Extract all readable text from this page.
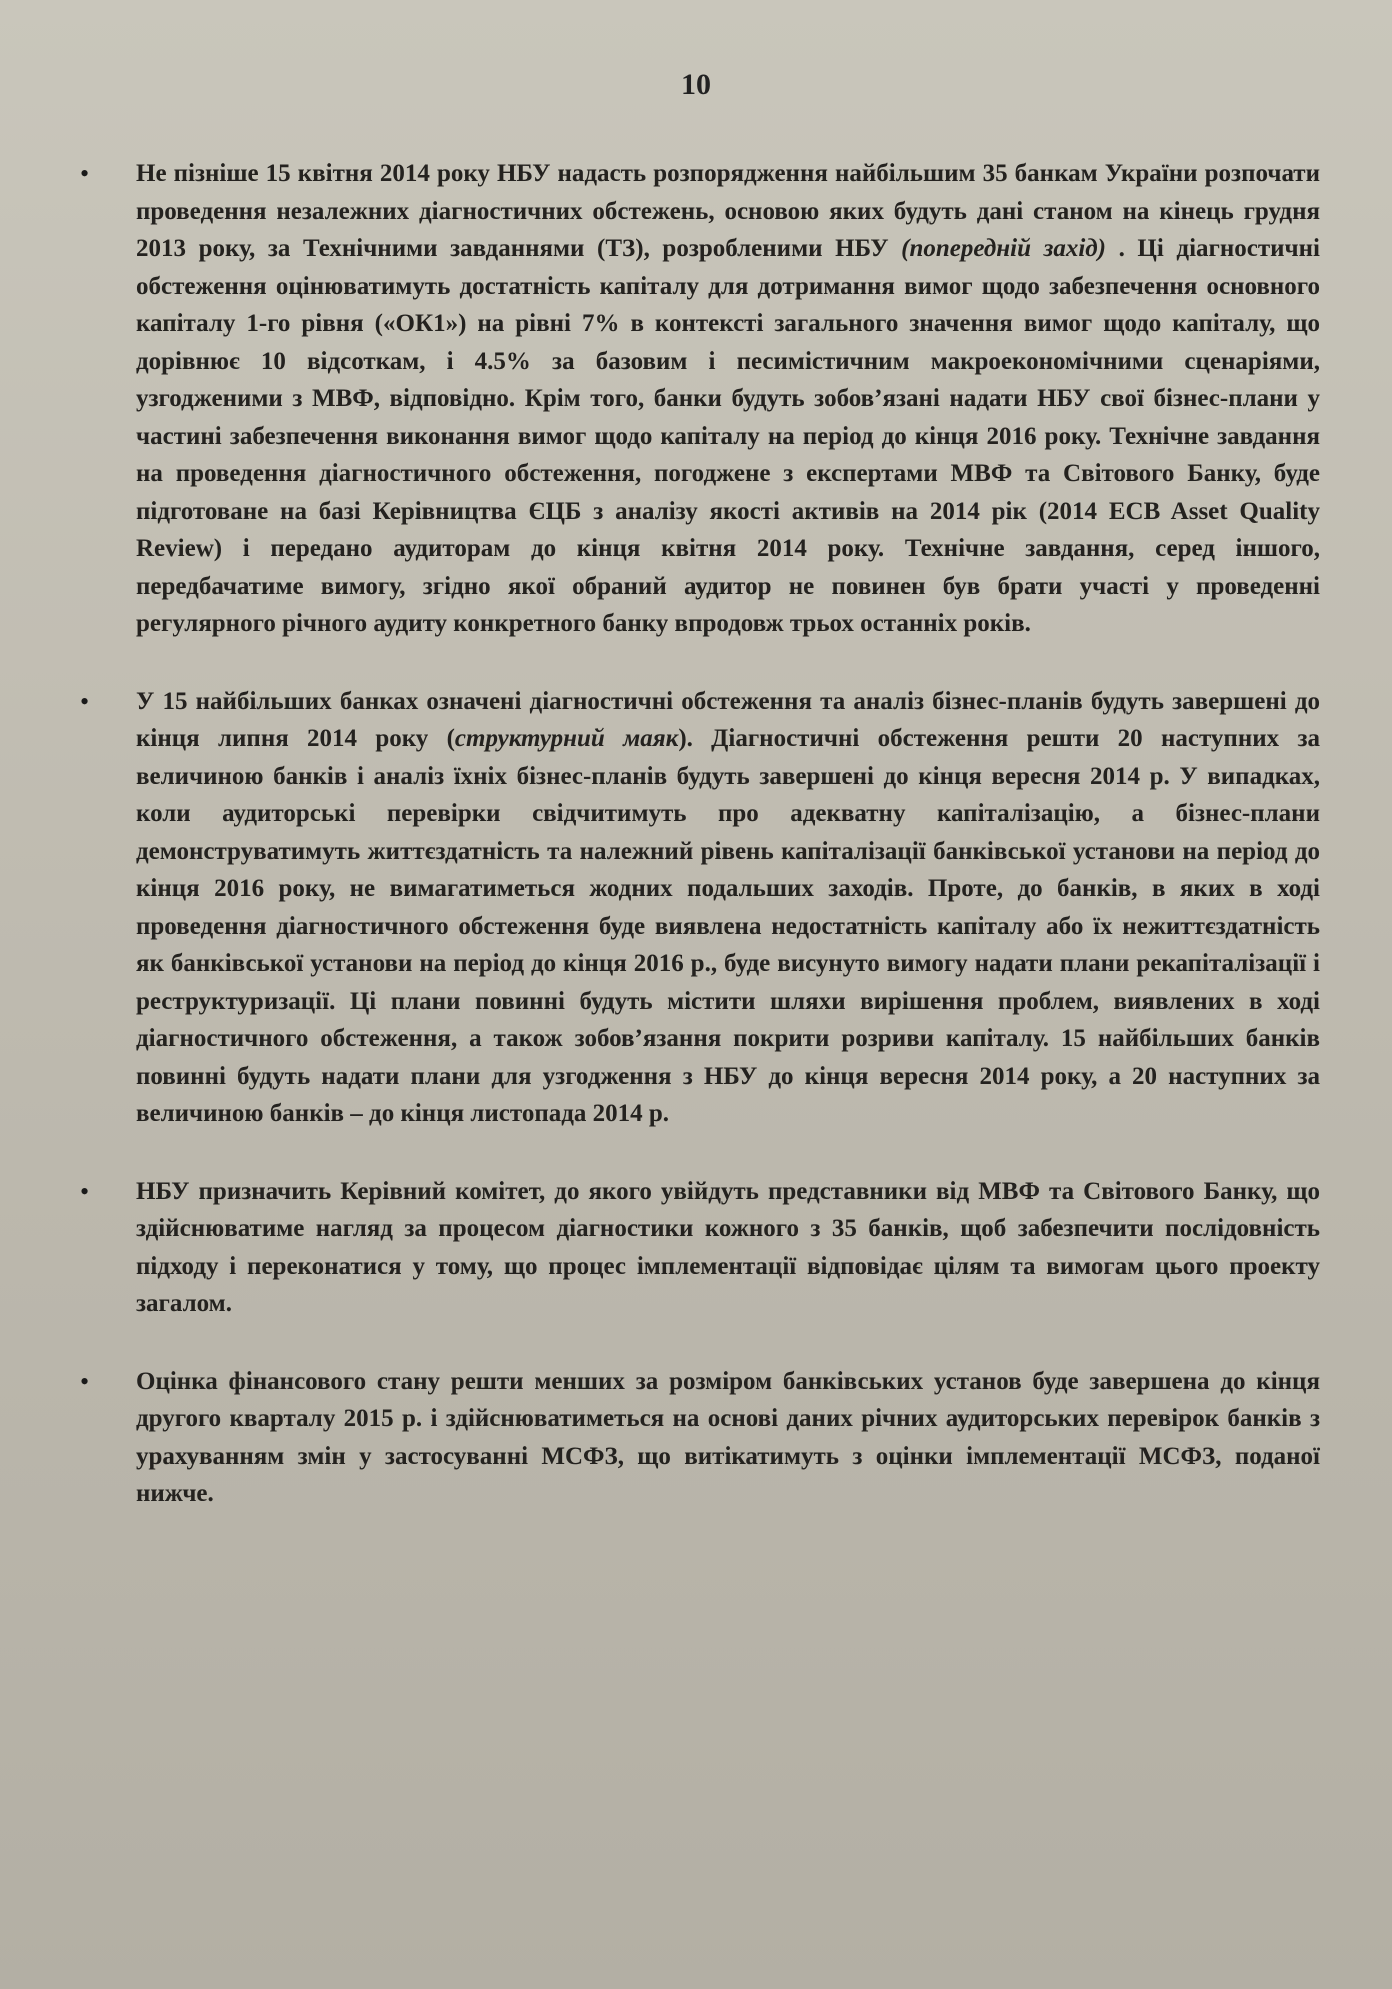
10
•	Не пізніше 15 квітня 2014 року НБУ надасть розпорядження найбільшим 35 банкам України розпочати проведення незалежних діагностичних обстежень, основою яких будуть дані станом на кінець грудня 2013 року, за Технічними завданнями (ТЗ), розробленими НБУ (попередній захід) . Ці діагностичні обстеження оцінюватимуть достатність капіталу для дотримання вимог щодо забезпечення основного капіталу 1-го рівня («ОК1») на рівні 7% в контексті загального значення вимог щодо капіталу, що дорівнює 10 відсоткам, і 4.5% за базовим і песимістичним макроекономічними сценаріями, узгодженими з МВФ, відповідно. Крім того, банки будуть зобов’язані надати НБУ свої бізнес-плани у частині забезпечення виконання вимог щодо капіталу на період до кінця 2016 року. Технічне завдання на проведення діагностичного обстеження, погоджене з експертами МВФ та Світового Банку, буде підготоване на базі Керівництва ЄЦБ з аналізу якості активів на 2014 рік (2014 ECB Asset Quality Review) і передано аудиторам до кінця квітня 2014 року. Технічне завдання, серед іншого, передбачатиме вимогу, згідно якої обраний аудитор не повинен був брати участі у проведенні регулярного річного аудиту конкретного банку впродовж трьох останніх років.

•	У 15 найбільших банках означені діагностичні обстеження та аналіз бізнес-планів будуть завершені до кінця липня 2014 року (структурний маяк). Діагностичні обстеження решти 20 наступних за величиною банків і аналіз їхніх бізнес-планів будуть завершені до кінця вересня 2014 р. У випадках, коли аудиторські перевірки свідчитимуть про адекватну капіталізацію, а бізнес-плани демонструватимуть життєздатність та належний рівень капіталізації банківської установи на період до кінця 2016 року, не вимагатиметься жодних подальших заходів. Проте, до банків, в яких в ході проведення діагностичного обстеження буде виявлена недостатність капіталу або їх нежиттєздатність як банківської установи на період до кінця 2016 р., буде висунуто вимогу надати плани рекапіталізації і реструктуризації. Ці плани повинні будуть містити шляхи вирішення проблем, виявлених в ході діагностичного обстеження, а також зобов’язання покрити розриви капіталу. 15 найбільших банків повинні будуть надати плани для узгодження з НБУ до кінця вересня 2014 року, а 20 наступних за величиною банків – до кінця листопада 2014 р.

•	НБУ призначить Керівний комітет, до якого увійдуть представники від МВФ та Світового Банку, що здійснюватиме нагляд за процесом діагностики кожного з 35 банків, щоб забезпечити послідовність підходу і переконатися у тому, що процес імплементації відповідає цілям та вимогам цього проекту загалом.

•	Оцінка фінансового стану решти менших за розміром банківських установ буде завершена до кінця другого кварталу 2015 р. і здійснюватиметься на основі даних річних аудиторських перевірок банків з урахуванням змін у застосуванні МСФЗ, що витікатимуть з оцінки імплементації МСФЗ, поданої нижче.
